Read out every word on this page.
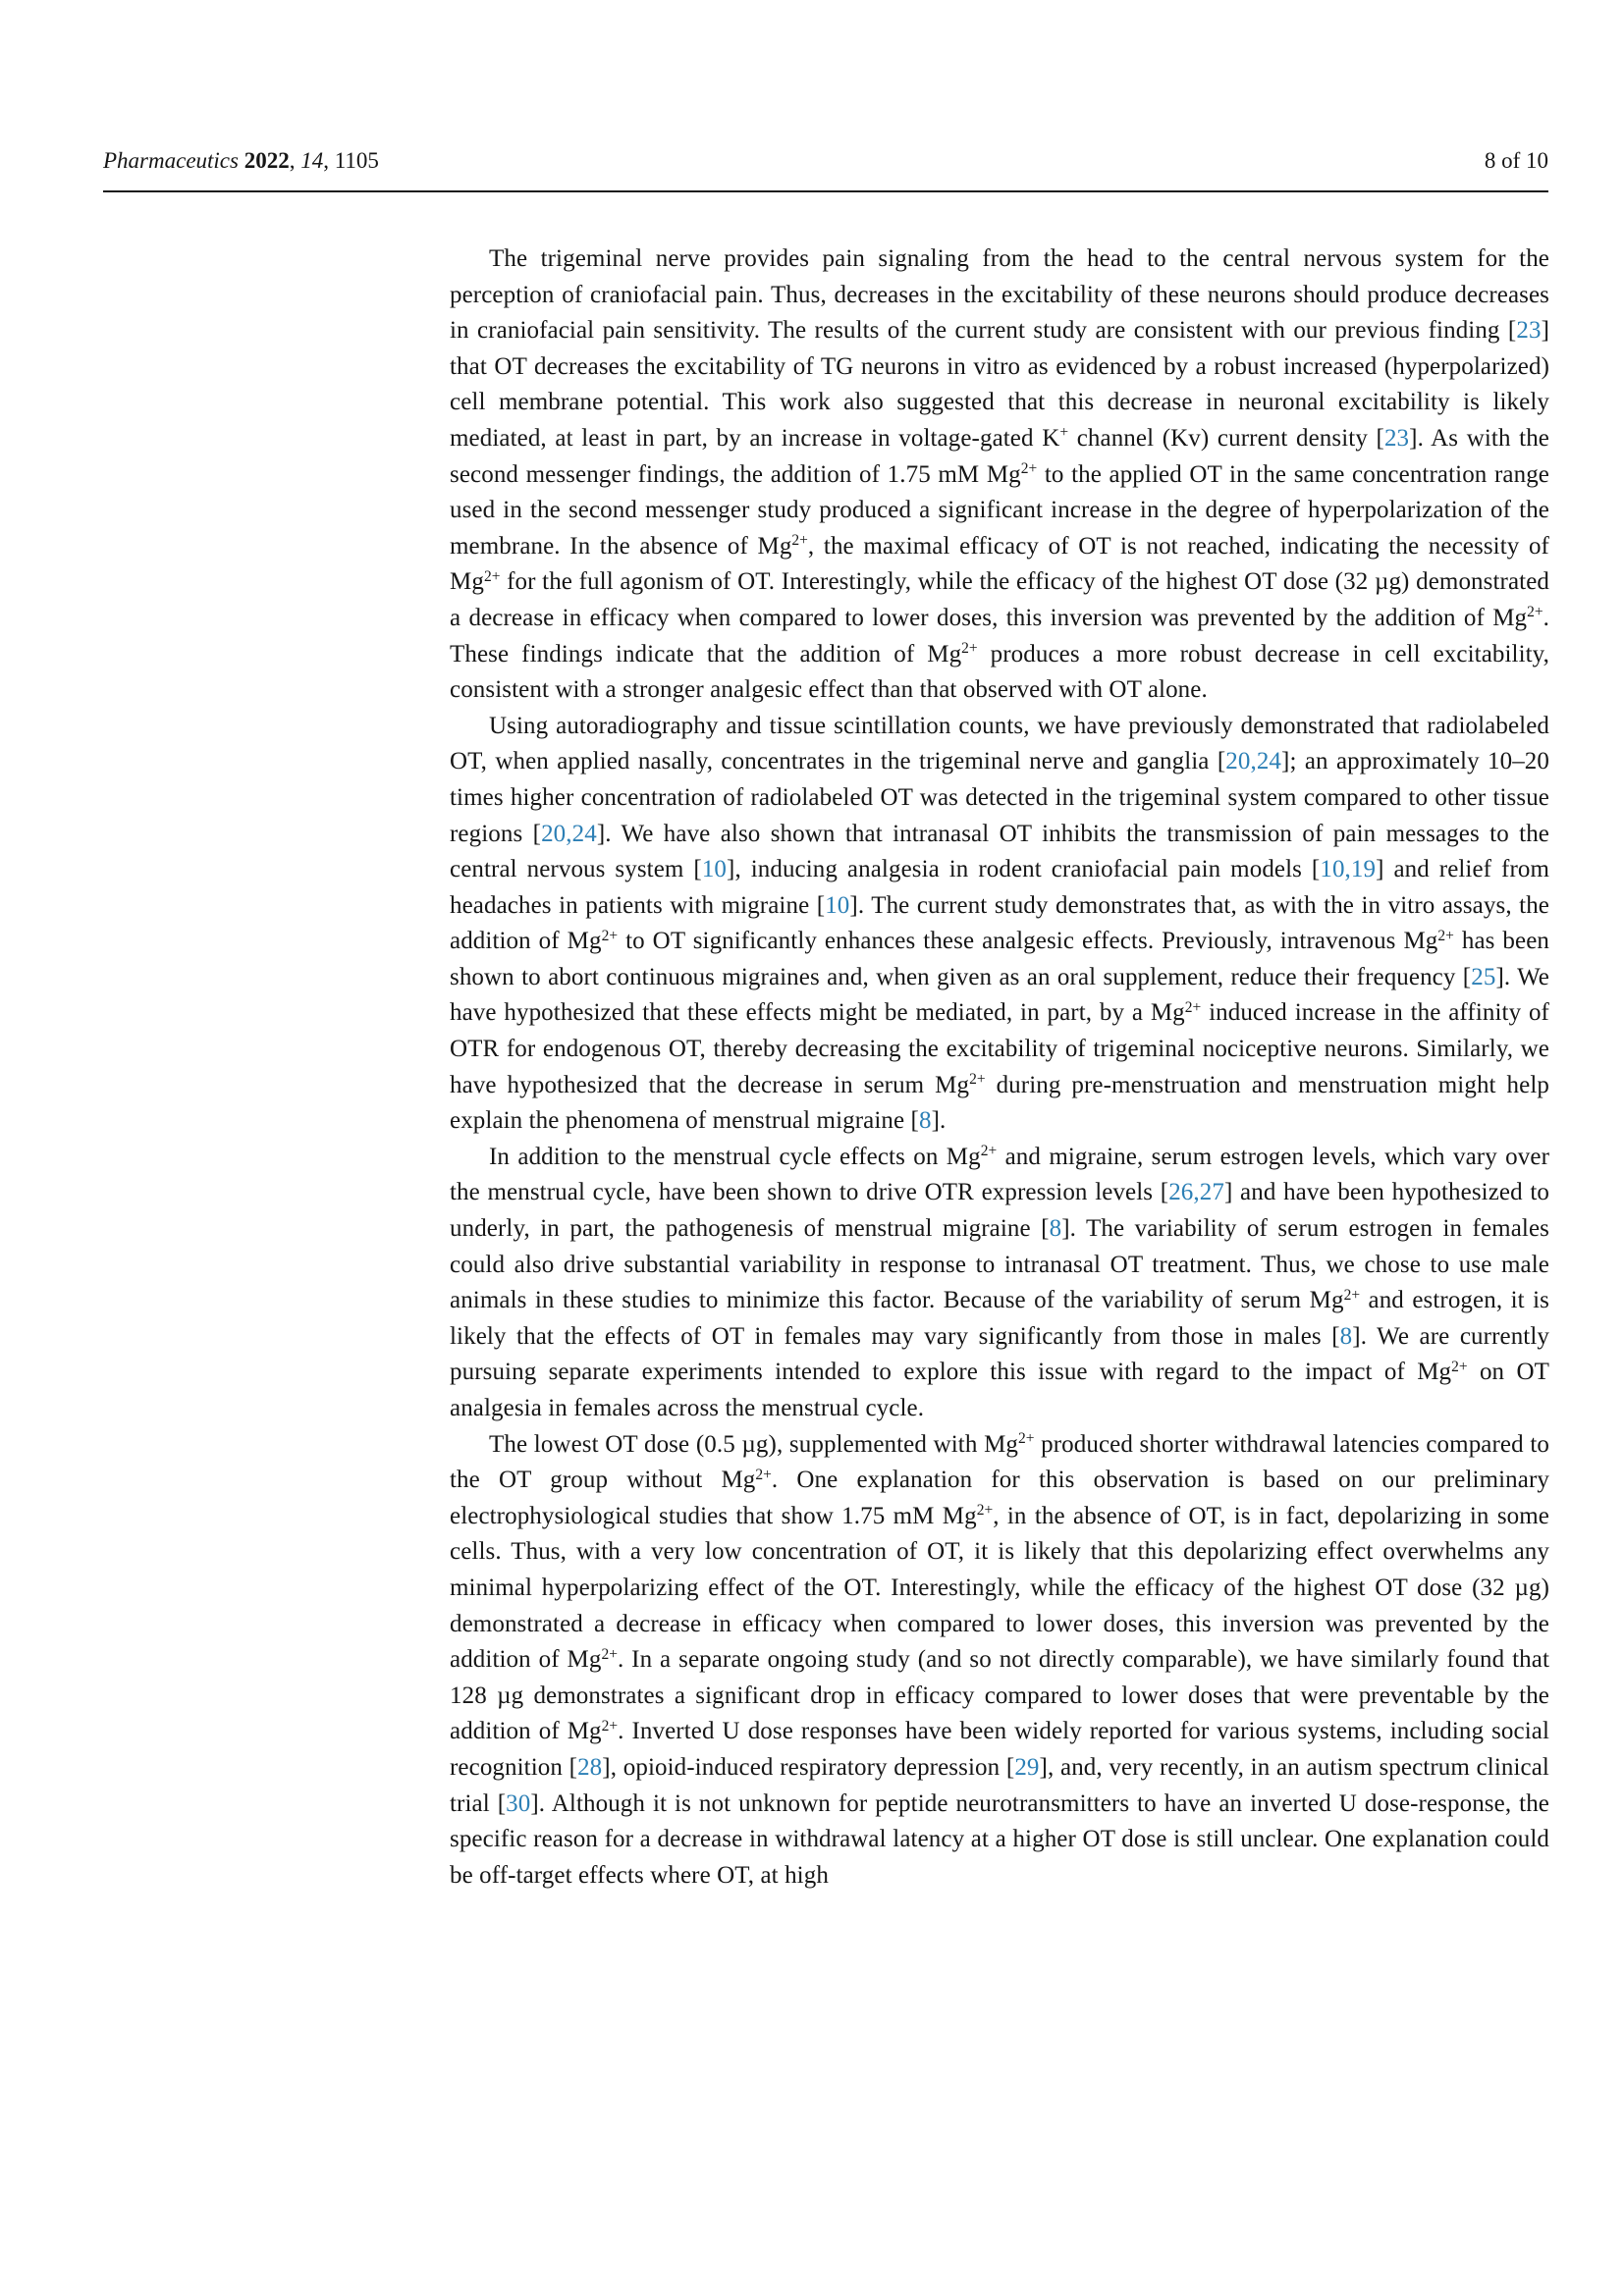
Pharmaceutics 2022, 14, 1105	8 of 10

The trigeminal nerve provides pain signaling from the head to the central nervous system for the perception of craniofacial pain. Thus, decreases in the excitability of these neurons should produce decreases in craniofacial pain sensitivity. The results of the current study are consistent with our previous finding [23] that OT decreases the excitability of TG neurons in vitro as evidenced by a robust increased (hyperpolarized) cell membrane potential. This work also suggested that this decrease in neuronal excitability is likely mediated, at least in part, by an increase in voltage-gated K+ channel (Kv) current density [23]. As with the second messenger findings, the addition of 1.75 mM $Mg^{2+}$ to the applied OT in the same concentration range used in the second messenger study produced a significant increase in the degree of hyperpolarization of the membrane. In the absence of $Mg^{2+}$, the maximal efficacy of OT is not reached, indicating the necessity of $Mg^{2+}$ for the full agonism of OT. Interestingly, while the efficacy of the highest OT dose (32 µg) demonstrated a decrease in efficacy when compared to lower doses, this inversion was prevented by the addition of $Mg^{2+}$. These findings indicate that the addition of $Mg^{2+}$ produces a more robust decrease in cell excitability, consistent with a stronger analgesic effect than that observed with OT alone.

Using autoradiography and tissue scintillation counts, we have previously demonstrated that radiolabeled OT, when applied nasally, concentrates in the trigeminal nerve and ganglia [20,24]; an approximately 10–20 times higher concentration of radiolabeled OT was detected in the trigeminal system compared to other tissue regions [20,24]. We have also shown that intranasal OT inhibits the transmission of pain messages to the central nervous system [10], inducing analgesia in rodent craniofacial pain models [10,19] and relief from headaches in patients with migraine [10]. The current study demonstrates that, as with the in vitro assays, the addition of $Mg^{2+}$ to OT significantly enhances these analgesic effects. Previously, intravenous $Mg^{2+}$ has been shown to abort continuous migraines and, when given as an oral supplement, reduce their frequency [25]. We have hypothesized that these effects might be mediated, in part, by a $Mg^{2+}$ induced increase in the affinity of OTR for endogenous OT, thereby decreasing the excitability of trigeminal nociceptive neurons. Similarly, we have hypothesized that the decrease in serum $Mg^{2+}$ during pre-menstruation and menstruation might help explain the phenomena of menstrual migraine [8].

In addition to the menstrual cycle effects on $Mg^{2+}$ and migraine, serum estrogen levels, which vary over the menstrual cycle, have been shown to drive OTR expression levels [26,27] and have been hypothesized to underly, in part, the pathogenesis of menstrual migraine [8]. The variability of serum estrogen in females could also drive substantial variability in response to intranasal OT treatment. Thus, we chose to use male animals in these studies to minimize this factor. Because of the variability of serum $Mg^{2+}$ and estrogen, it is likely that the effects of OT in females may vary significantly from those in males [8]. We are currently pursuing separate experiments intended to explore this issue with regard to the impact of $Mg^{2+}$ on OT analgesia in females across the menstrual cycle.

The lowest OT dose (0.5 µg), supplemented with $Mg^{2+}$ produced shorter withdrawal latencies compared to the OT group without $Mg^{2+}$. One explanation for this observation is based on our preliminary electrophysiological studies that show 1.75 mM $Mg^{2+}$, in the absence of OT, is in fact, depolarizing in some cells. Thus, with a very low concentration of OT, it is likely that this depolarizing effect overwhelms any minimal hyperpolarizing effect of the OT. Interestingly, while the efficacy of the highest OT dose (32 µg) demonstrated a decrease in efficacy when compared to lower doses, this inversion was prevented by the addition of $Mg^{2+}$. In a separate ongoing study (and so not directly comparable), we have similarly found that 128 µg demonstrates a significant drop in efficacy compared to lower doses that were preventable by the addition of $Mg^{2+}$. Inverted U dose responses have been widely reported for various systems, including social recognition [28], opioid-induced respiratory depression [29], and, very recently, in an autism spectrum clinical trial [30]. Although it is not unknown for peptide neurotransmitters to have an inverted U dose-response, the specific reason for a decrease in withdrawal latency at a higher OT dose is still unclear. One explanation could be off-target effects where OT, at high
